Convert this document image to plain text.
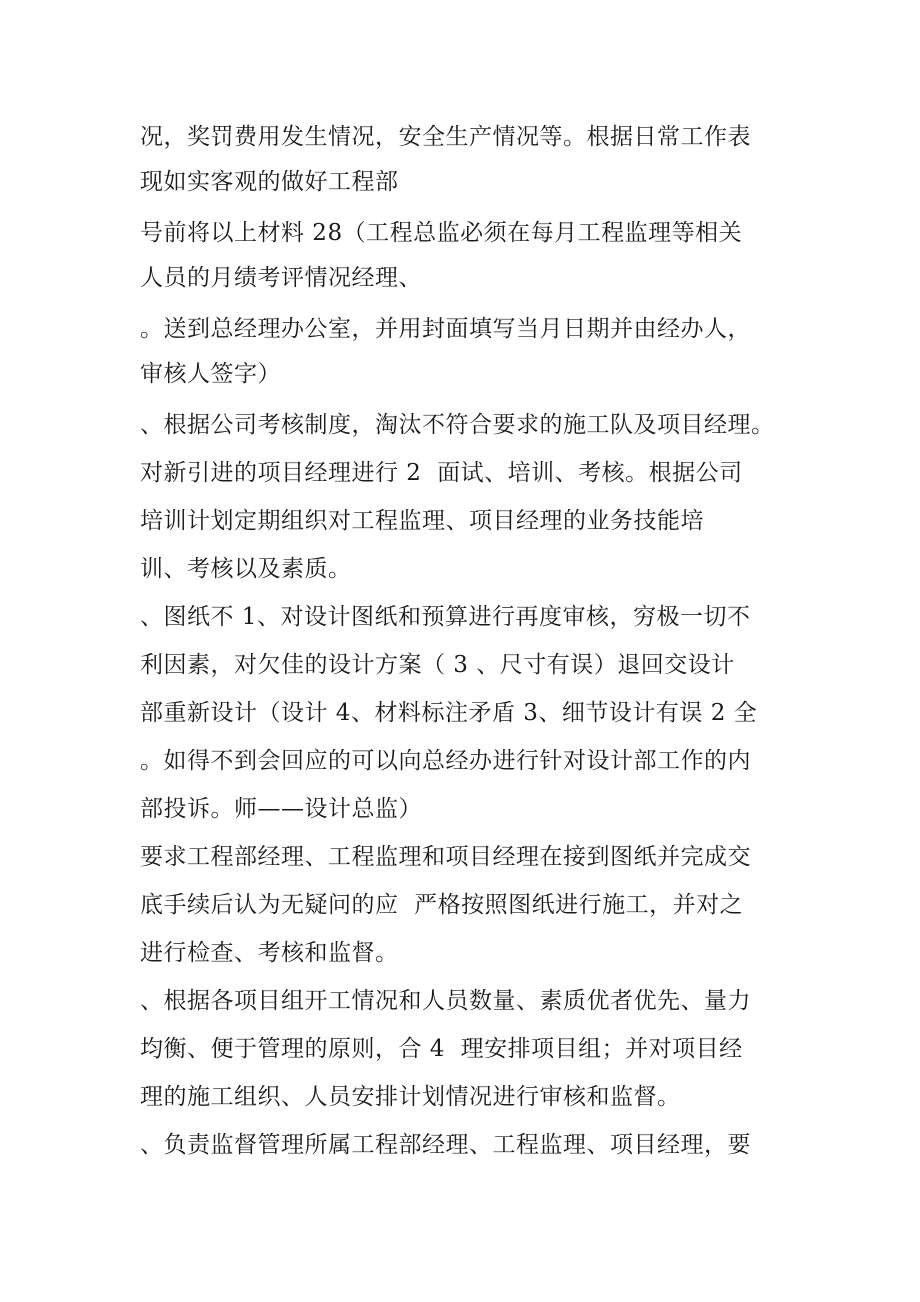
况，奖罚费用发生情况，安全生产情况等。根据日常工作表
现如实客观的做好工程部
号前将以上材料 28（工程总监必须在每月工程监理等相关
人员的月绩考评情况经理、
。送到总经理办公室，并用封面填写当月日期并由经办人，
审核人签字）
、根据公司考核制度，淘汰不符合要求的施工队及项目经理。
对新引进的项目经理进行 2  面试、培训、考核。根据公司
培训计划定期组织对工程监理、项目经理的业务技能培
训、考核以及素质。
、图纸不 1、对设计图纸和预算进行再度审核，穷极一切不
利因素，对欠佳的设计方案（ 3 、尺寸有误）退回交设计
部重新设计（设计 4、材料标注矛盾 3、细节设计有误 2 全
。如得不到会回应的可以向总经办进行针对设计部工作的内
部投诉。师——设计总监）
要求工程部经理、工程监理和项目经理在接到图纸并完成交
底手续后认为无疑问的应  严格按照图纸进行施工，并对之
进行检查、考核和监督。
、根据各项目组开工情况和人员数量、素质优者优先、量力
均衡、便于管理的原则，合 4  理安排项目组；并对项目经
理的施工组织、人员安排计划情况进行审核和监督。
、负责监督管理所属工程部经理、工程监理、项目经理，要
